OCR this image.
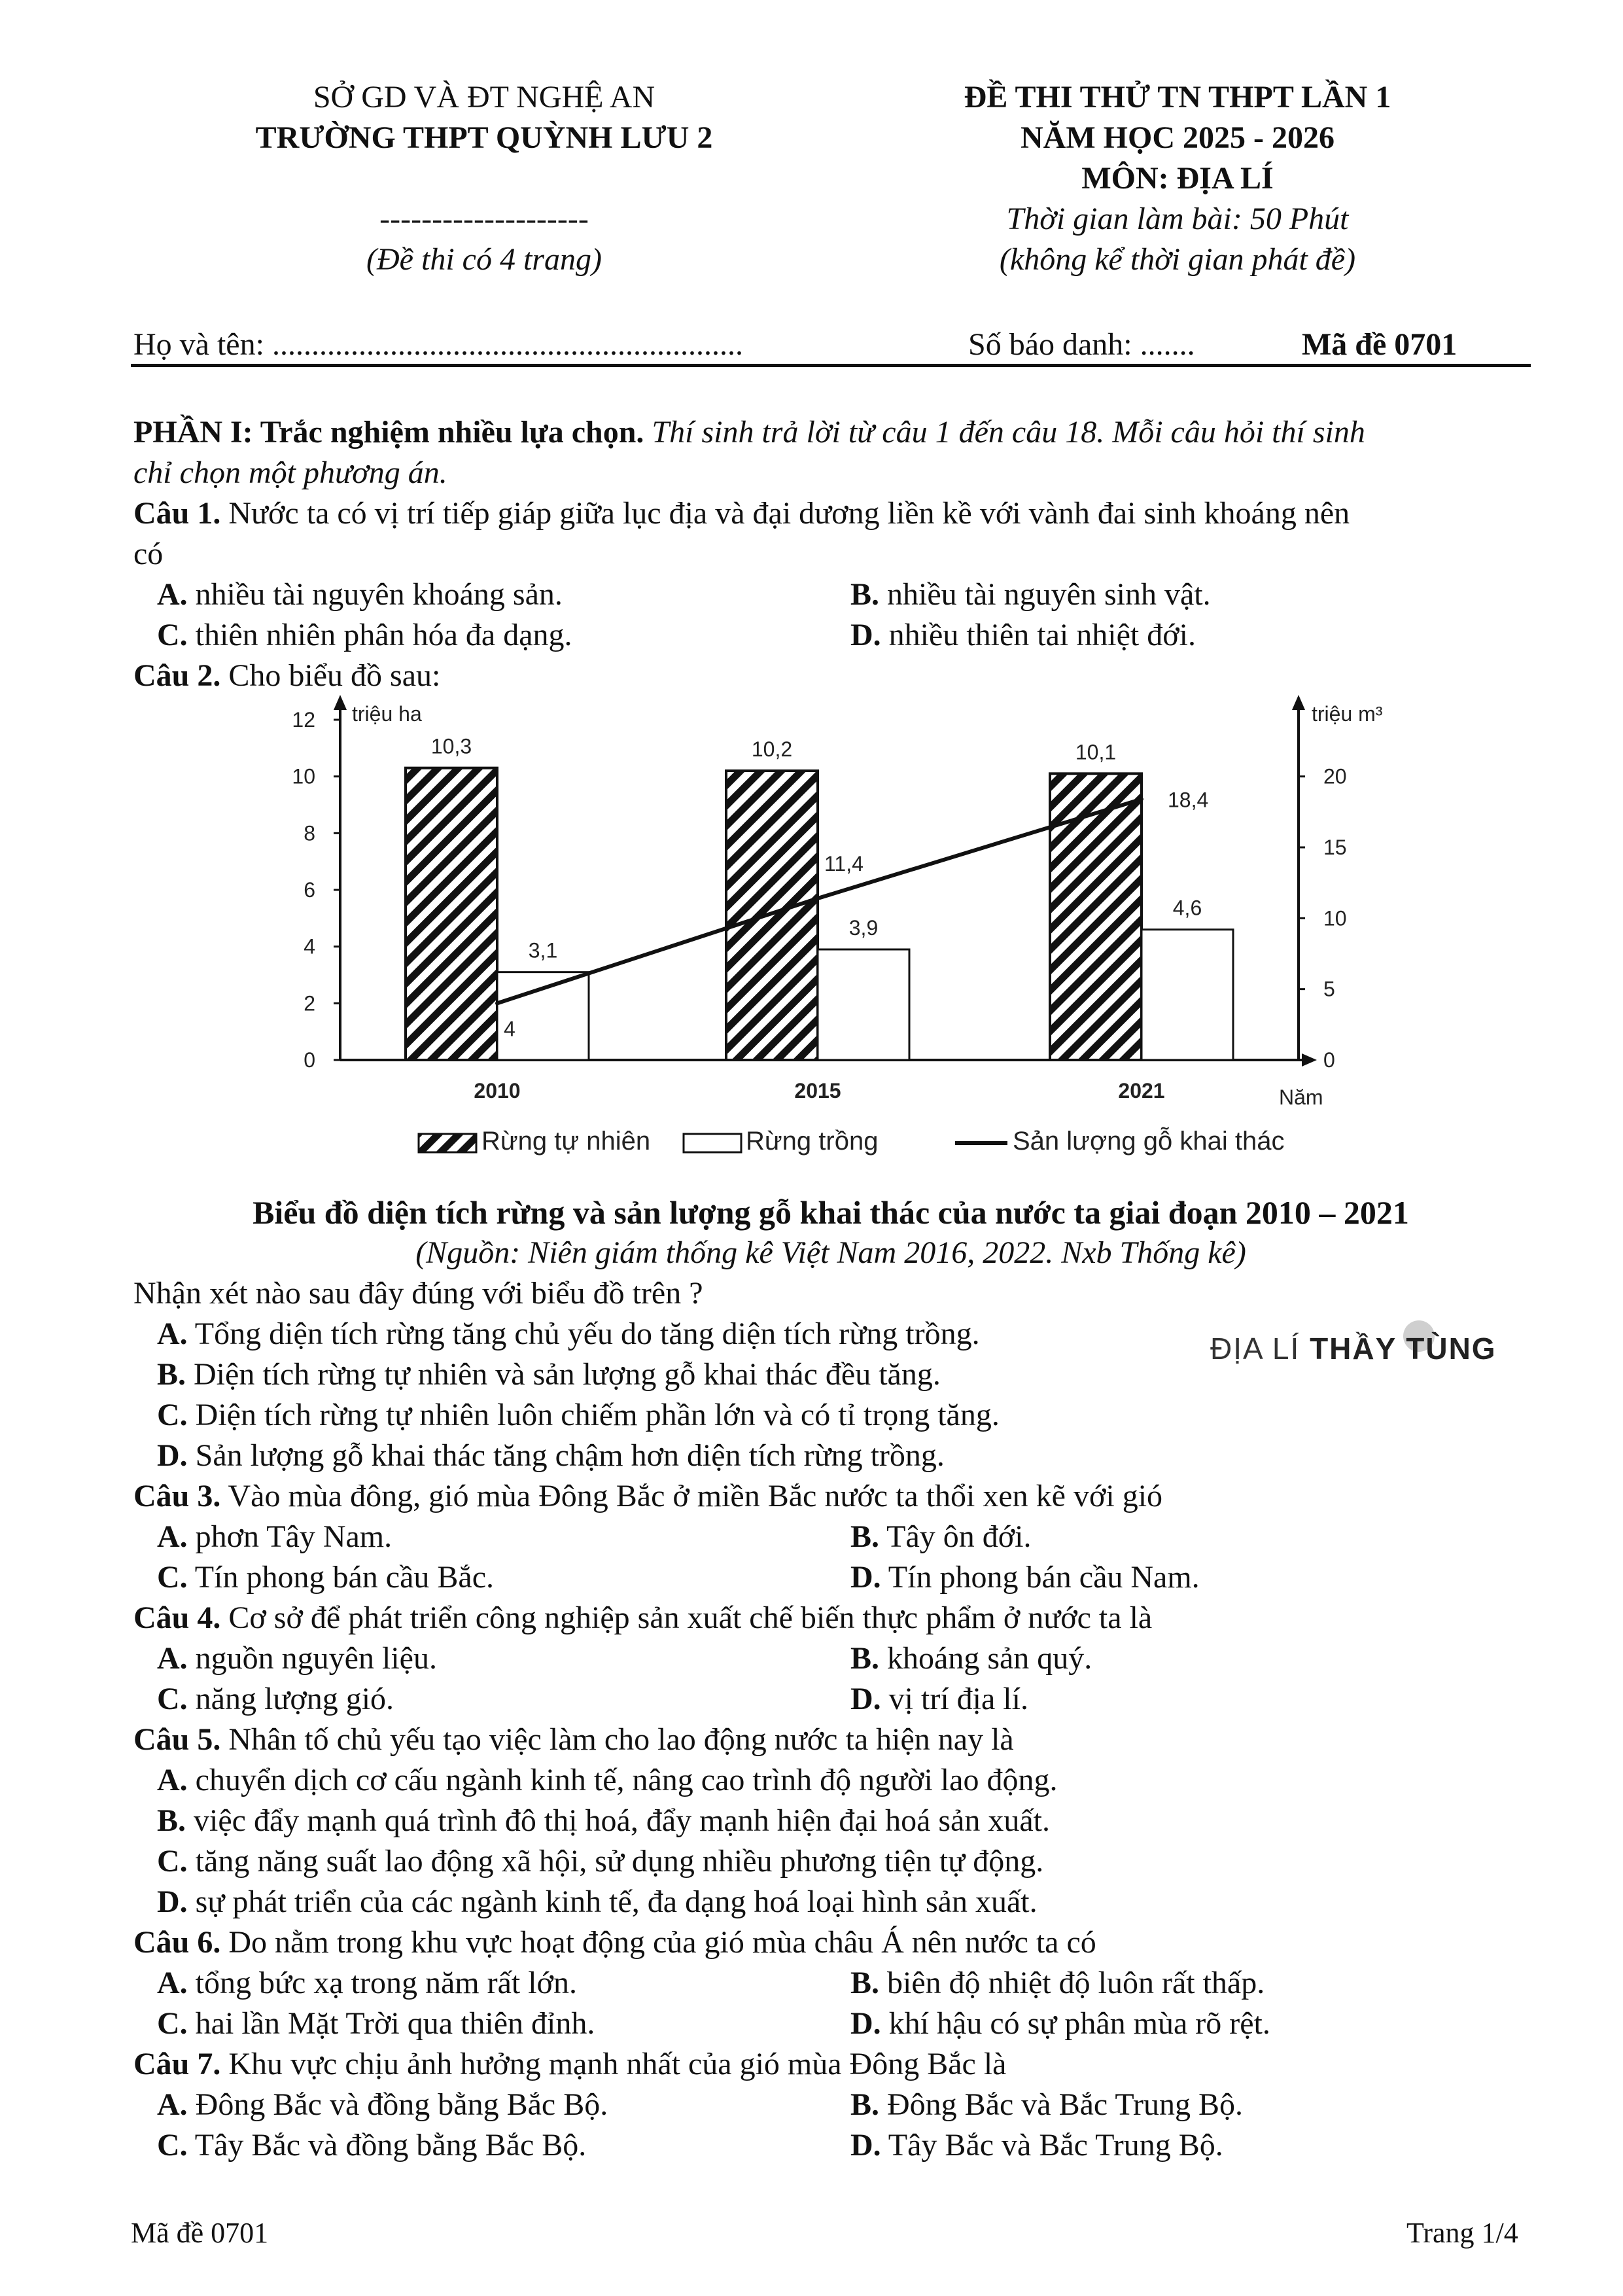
SỞ GD VÀ ĐT NGHỆ AN
TRƯỜNG THPT QUỲNH LƯU 2
--------------------
(Đề thi có 4 trang)
ĐỀ THI THỬ TN THPT LẦN 1
NĂM HỌC 2025 - 2026
MÔN: ĐỊA LÍ
Thời gian làm bài: 50 Phút
(không kể thời gian phát đề)
Họ và tên: ............................................................	Số báo danh: .......	Mã đề 0701
PHẦN I: Trắc nghiệm nhiều lựa chọn. Thí sinh trả lời từ câu 1 đến câu 18. Mỗi câu hỏi thí sinh
chỉ chọn một phương án.
Câu 1. Nước ta có vị trí tiếp giáp giữa lục địa và đại dương liền kề với vành đai sinh khoáng nên
có
A. nhiều tài nguyên khoáng sản.	B. nhiều tài nguyên sinh vật.
C. thiên nhiên phân hóa đa dạng.	D. nhiều thiên tai nhiệt đới.
Câu 2. Cho biểu đồ sau:
0
2
4
6
8
10
12
0
5
10
15
20
triệu ha	triệu m³
Năm
10,3
3,1
2010
10,2
3,9
2015
10,1
4,6
2021
4
11,4
18,4
Rừng tự nhiên	Rừng trồng	Sản lượng gỗ khai thác
Biểu đồ diện tích rừng và sản lượng gỗ khai thác của nước ta giai đoạn 2010 – 2021
(Nguồn: Niên giám thống kê Việt Nam 2016, 2022. Nxb Thống kê)
Nhận xét nào sau đây đúng với biểu đồ trên ?
A. Tổng diện tích rừng tăng chủ yếu do tăng diện tích rừng trồng.
B. Diện tích rừng tự nhiên và sản lượng gỗ khai thác đều tăng.
C. Diện tích rừng tự nhiên luôn chiếm phần lớn và có tỉ trọng tăng.
D. Sản lượng gỗ khai thác tăng chậm hơn diện tích rừng trồng.
ĐỊA LÍ THẦY TÙNG
Câu 3. Vào mùa đông, gió mùa Đông Bắc ở miền Bắc nước ta thổi xen kẽ với gió
A. phơn Tây Nam.	B. Tây ôn đới.
C. Tín phong bán cầu Bắc.	D. Tín phong bán cầu Nam.
Câu 4. Cơ sở để phát triển công nghiệp sản xuất chế biến thực phẩm ở nước ta là
A. nguồn nguyên liệu.	B. khoáng sản quý.
C. năng lượng gió.	D. vị trí địa lí.
Câu 5. Nhân tố chủ yếu tạo việc làm cho lao động nước ta hiện nay là
A. chuyển dịch cơ cấu ngành kinh tế, nâng cao trình độ người lao động.
B. việc đẩy mạnh quá trình đô thị hoá, đẩy mạnh hiện đại hoá sản xuất.
C. tăng năng suất lao động xã hội, sử dụng nhiều phương tiện tự động.
D. sự phát triển của các ngành kinh tế, đa dạng hoá loại hình sản xuất.
Câu 6. Do nằm trong khu vực hoạt động của gió mùa châu Á nên nước ta có
A. tổng bức xạ trong năm rất lớn.	B. biên độ nhiệt độ luôn rất thấp.
C. hai lần Mặt Trời qua thiên đỉnh.	D. khí hậu có sự phân mùa rõ rệt.
Câu 7. Khu vực chịu ảnh hưởng mạnh nhất của gió mùa Đông Bắc là
A. Đông Bắc và đồng bằng Bắc Bộ.	B. Đông Bắc và Bắc Trung Bộ.
C. Tây Bắc và đồng bằng Bắc Bộ.	D. Tây Bắc và Bắc Trung Bộ.
Mã đề 0701	Trang 1/4
